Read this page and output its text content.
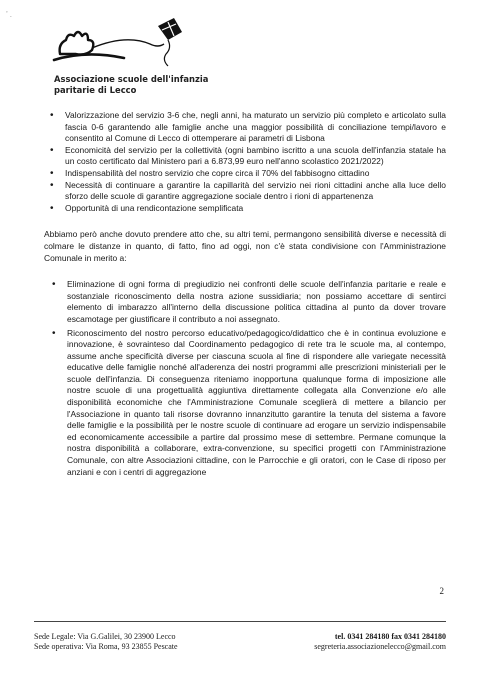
’ .
Associazione scuole dell'infanzia
paritarie di Lecco
• Valorizzazione del servizio 3-6 che, negli anni, ha maturato un servizio più completo e articolato sulla fascia 0-6 garantendo alle famiglie anche una maggior possibilità di conciliazione tempi/lavoro e consentito al Comune di Lecco di ottemperare ai parametri di Lisbona
• Economicità del servizio per la collettività (ogni bambino iscritto a una scuola dell'infanzia statale ha un costo certificato dal Ministero pari a 6.873,99 euro nell'anno scolastico 2021/2022)
• Indispensabilità del nostro servizio che copre circa il 70% del fabbisogno cittadino
• Necessità di continuare a garantire la capillarità del servizio nei rioni cittadini anche alla luce dello sforzo delle scuole di garantire aggregazione sociale dentro i rioni di appartenenza
• Opportunità di una rendicontazione semplificata

Abbiamo però anche dovuto prendere atto che, su altri temi, permangono sensibilità diverse e necessità di colmare le distanze in quanto, di fatto, fino ad oggi, non c'è stata condivisione con l'Amministrazione Comunale in merito a:

• Eliminazione di ogni forma di pregiudizio nei confronti delle scuole dell'infanzia paritarie e reale e sostanziale riconoscimento della nostra azione sussidiaria; non possiamo accettare di sentirci elemento di imbarazzo all'interno della discussione politica cittadina al punto da dover trovare escamotage per giustificare il contributo a noi assegnato.
• Riconoscimento del nostro percorso educativo/pedagogico/didattico che è in continua evoluzione e innovazione, è sovrainteso dal Coordinamento pedagogico di rete tra le scuole ma, al contempo, assume anche specificità diverse per ciascuna scuola al fine di rispondere alle variegate necessità educative delle famiglie nonché all'aderenza dei nostri programmi alle prescrizioni ministeriali per le scuole dell'infanzia. Di conseguenza riteniamo inopportuna qualunque forma di imposizione alle nostre scuole di una progettualità aggiuntiva direttamente collegata alla Convenzione e/o alle disponibilità economiche che l'Amministrazione Comunale sceglierà di mettere a bilancio per l'Associazione in quanto tali risorse dovranno innanzitutto garantire la tenuta del sistema a favore delle famiglie e la possibilità per le nostre scuole di continuare ad erogare un servizio indispensabile ed economicamente accessibile a partire dal prossimo mese di settembre. Permane comunque la nostra disponibilità a collaborare, extra-convenzione, su specifici progetti con l'Amministrazione Comunale, con altre Associazioni cittadine, con le Parrocchie e gli oratori, con le Case di riposo per anziani e con i centri di aggregazione
2
Sede Legale: Via G.Galilei, 30 23900 Lecco
Sede operativa: Via Roma, 93 23855 Pescate
tel. 0341 284180 fax 0341 284180
segreteria.associazionelecco@gmail.com
